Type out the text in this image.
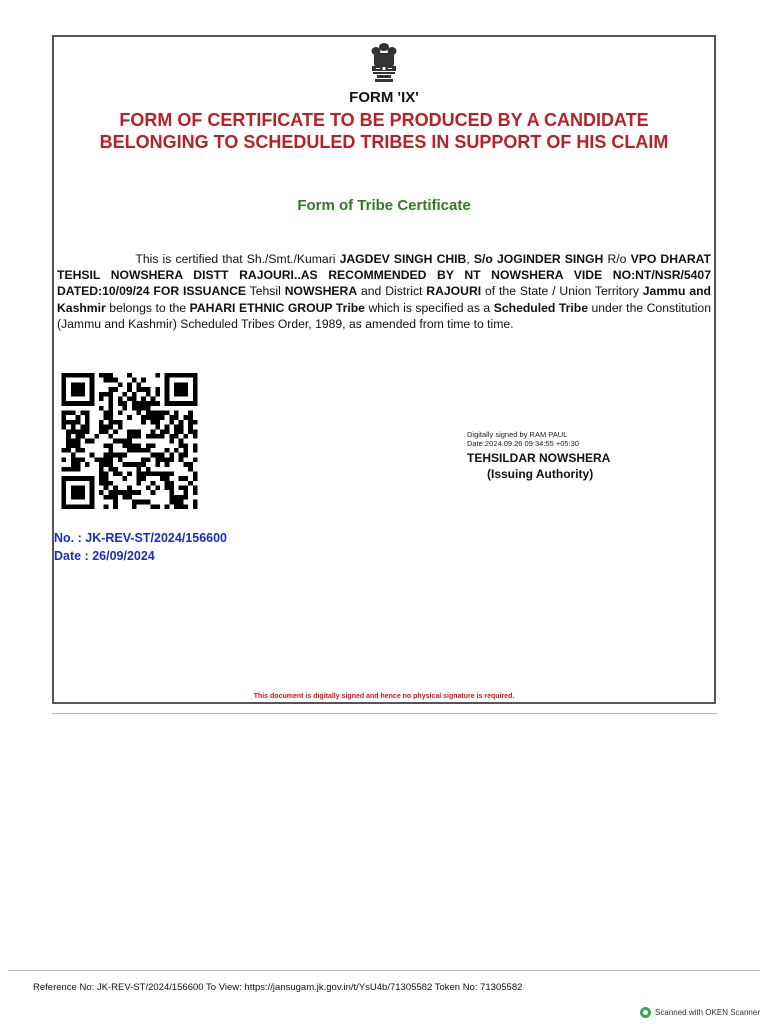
FORM 'IX'
FORM OF CERTIFICATE TO BE PRODUCED BY A CANDIDATE BELONGING TO SCHEDULED TRIBES IN SUPPORT OF HIS CLAIM
Form of Tribe Certificate
This is certified that Sh./Smt./Kumari JAGDEV SINGH CHIB, S/o JOGINDER SINGH R/o VPO DHARAT TEHSIL NOWSHERA DISTT RAJOURI..AS RECOMMENDED BY NT NOWSHERA VIDE NO:NT/NSR/5407 DATED:10/09/24 FOR ISSUANCE Tehsil NOWSHERA and District RAJOURI of the State / Union Territory Jammu and Kashmir belongs to the PAHARI ETHNIC GROUP Tribe which is specified as a Scheduled Tribe under the Constitution (Jammu and Kashmir) Scheduled Tribes Order, 1989, as amended from time to time.
Digitally signed by RAM PAUL
Date:2024.09.26 09:34:55 +05:30
TEHSILDAR NOWSHERA
(Issuing Authority)
No. : JK-REV-ST/2024/156600
Date : 26/09/2024
This document is digitally signed and hence no physical signature is required.
Reference No: JK-REV-ST/2024/156600 To View: https://jansugam.jk.gov.in/t/YsU4b/71305582 Token No: 71305582
Scanned with OKEN Scanner
